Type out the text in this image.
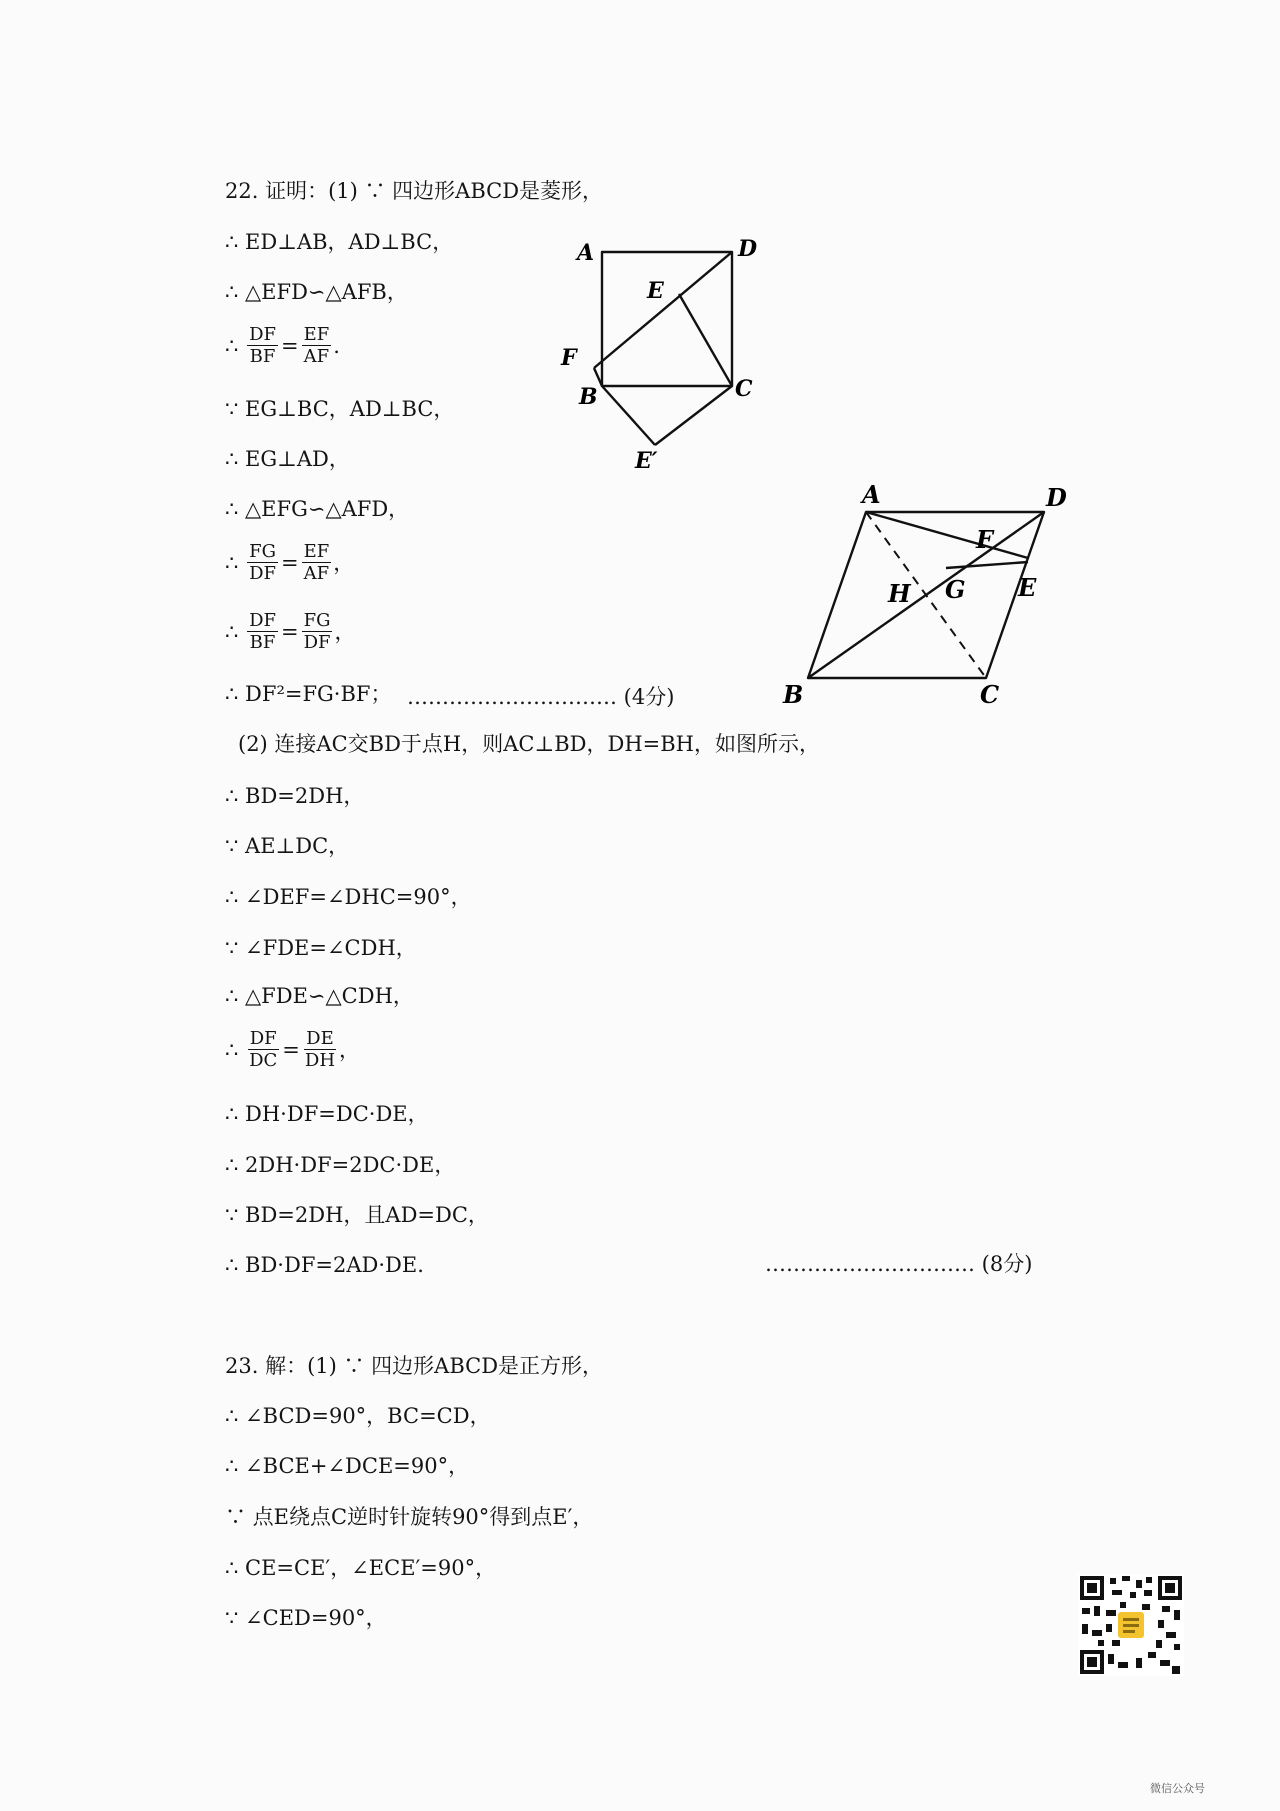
22. 证明：(1) ∵ 四边形ABCD是菱形，
∴ ED⊥AB，AD⊥BC，
∴ △EFD∽△AFB，
∴
$\frac{DF}{BF} = \frac{EF}{AF}$ .
∵ EG⊥BC，AD⊥BC，
∴ EG⊥AD，
∴ △EFG∽△AFD，
∴
$\frac{FG}{DF} = \frac{EF}{AF}$ ，
∴
$\frac{DF}{BF} = \frac{FG}{DF}$ ，
∴ DF²=FG·BF； ………………………… (4分)
(2) 连接AC交BD于点H，则AC⊥BD，DH=BH，如图所示，
∴ BD=2DH，
∵ AE⊥DC，
∴ ∠DEF=∠DHC=90°，
∵ ∠FDE=∠CDH，
∴ △FDE∽△CDH，
∴
$\frac{DF}{DC} = \frac{DE}{DH}$ ，
∴ DH·DF=DC·DE，
∴ 2DH·DF=2DC·DE，
∵ BD=2DH，且AD=DC，
∴ BD·DF=2AD·DE.	………………………… (8分)
23. 解：(1) ∵ 四边形ABCD是正方形，
∴ ∠BCD=90°，BC=CD，
∴ ∠BCE+∠DCE=90°，
∵ 点E绕点C逆时针旋转90°得到点E′，
∴ CE=CE′，∠ECE′=90°，
∵ ∠CED=90°，
A	D
E
F
B	C
E′
A	D
F
H G E
B	C
微信公众号
